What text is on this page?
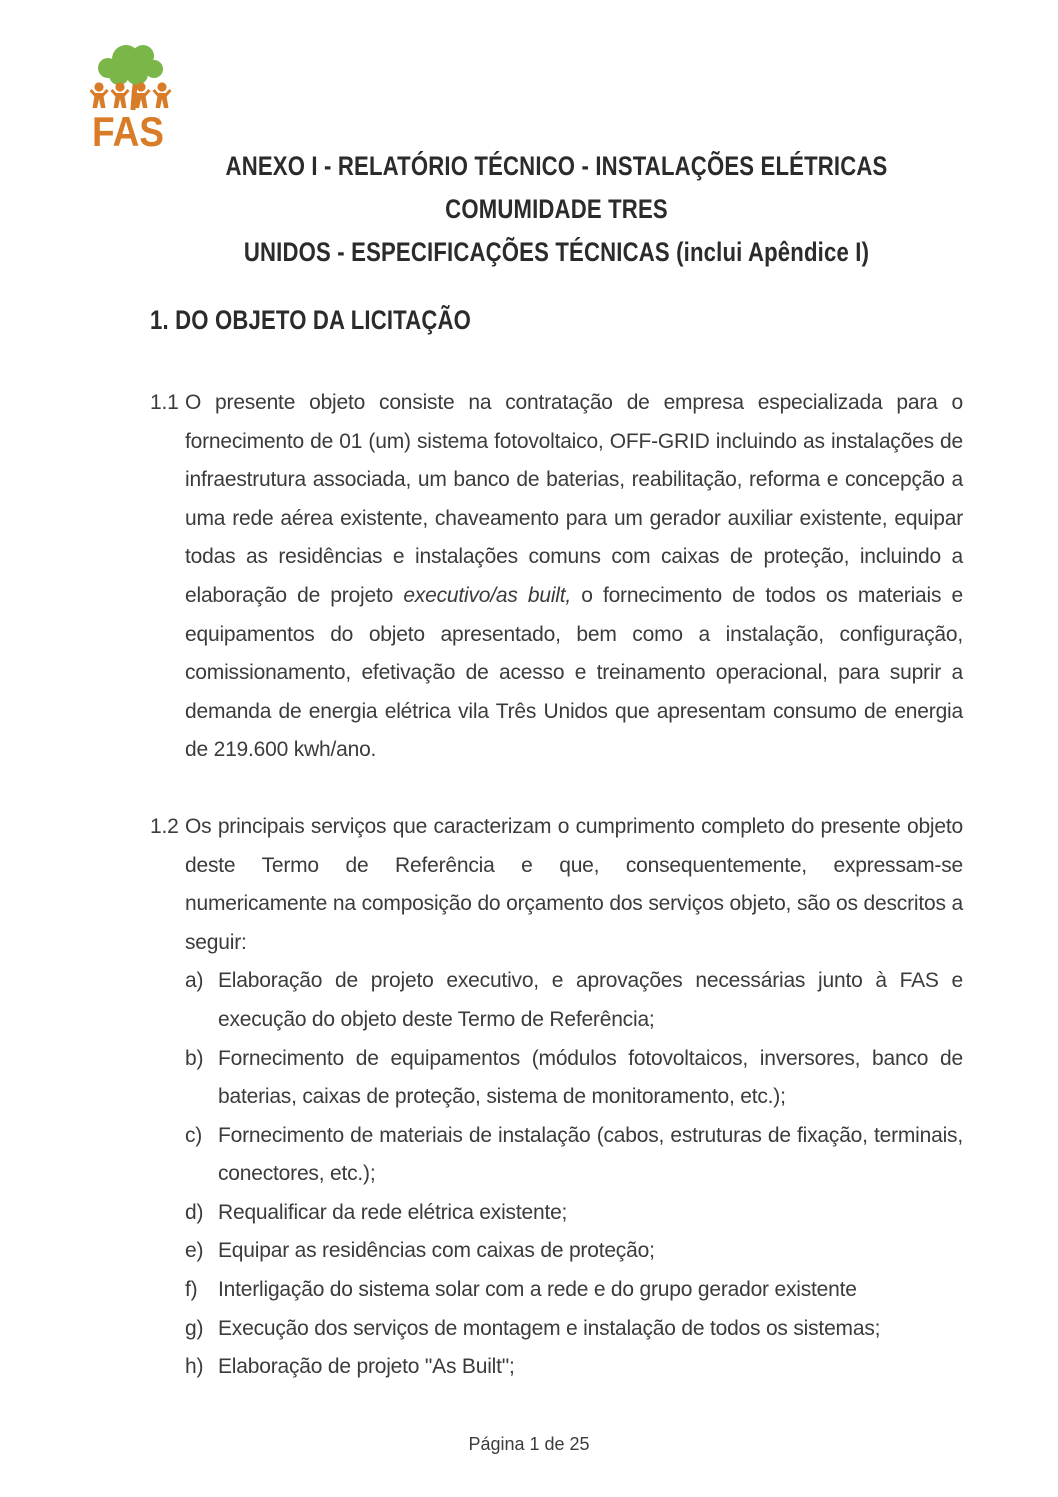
FAS
ANEXO I - RELATÓRIO TÉCNICO - INSTALAÇÕES ELÉTRICAS COMUMIDADE TRES
UNIDOS - ESPECIFICAÇÕES TÉCNICAS (inclui Apêndice I)
1. DO OBJETO DA LICITAÇÃO
1.1 O presente objeto consiste na contratação de empresa especializada para o fornecimento de 01 (um) sistema fotovoltaico, OFF-GRID incluindo as instalações de infraestrutura associada, um banco de baterias, reabilitação, reforma e concepção a uma rede aérea existente, chaveamento para um gerador auxiliar existente, equipar todas as residências e instalações comuns com caixas de proteção, incluindo a elaboração de projeto executivo/as built, o fornecimento de todos os materiais e equipamentos do objeto apresentado, bem como a instalação, configuração, comissionamento, efetivação de acesso e treinamento operacional, para suprir a demanda de energia elétrica vila Três Unidos que apresentam consumo de energia de 219.600 kwh/ano.
1.2 Os principais serviços que caracterizam o cumprimento completo do presente objeto deste Termo de Referência e que, consequentemente, expressam-se numericamente na composição do orçamento dos serviços objeto, são os descritos a seguir:
a) Elaboração de projeto executivo, e aprovações necessárias junto à FAS e execução do objeto deste Termo de Referência;
b) Fornecimento de equipamentos (módulos fotovoltaicos, inversores, banco de baterias, caixas de proteção, sistema de monitoramento, etc.);
c) Fornecimento de materiais de instalação (cabos, estruturas de fixação, terminais, conectores, etc.);
d) Requalificar da rede elétrica existente;
e) Equipar as residências com caixas de proteção;
f) Interligação do sistema solar com a rede e do grupo gerador existente
g) Execução dos serviços de montagem e instalação de todos os sistemas;
h) Elaboração de projeto "As Built";
Página 1 de 25
